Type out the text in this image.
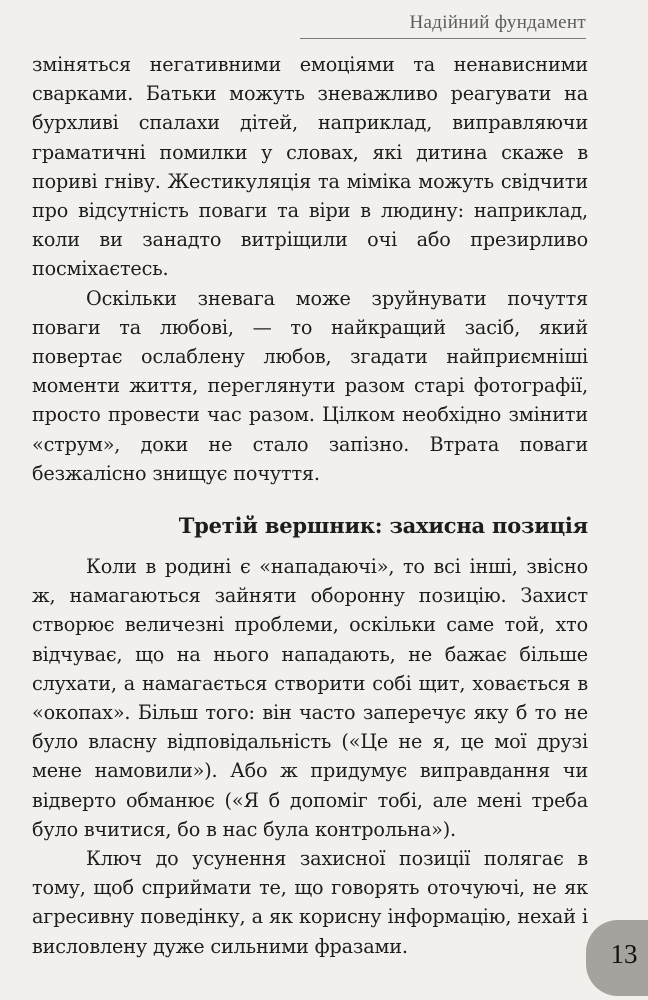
Надійний фундамент

зміняться негативними емоціями та ненависними сварками. Батьки можуть зневажливо реагувати на бурхливі спалахи дітей, наприклад, виправляючи граматичні помилки у словах, які дитина скаже в пориві гніву. Жестикуляція та міміка можуть свідчити про відсутність поваги та віри в людину: наприклад, коли ви занадто витріщили очі або презирливо посміхаєтесь.

Оскільки зневага може зруйнувати почуття поваги та любові, — то найкращий засіб, який повертає ослаблену любов, згадати найприємніші моменти життя, переглянути разом старі фотографії, просто провести час разом. Цілком необхідно змінити «струм», доки не стало запізно. Втрата поваги безжалісно знищує почуття.

Третій вершник: захисна позиція

Коли в родині є «нападаючі», то всі інші, звісно ж, намагаються зайняти оборонну позицію. Захист створює величезні проблеми, оскільки саме той, хто відчуває, що на нього нападають, не бажає більше слухати, а намагається створити собі щит, ховається в «окопах». Більш того: він часто заперечує яку б то не було власну відповідальність («Це не я, це мої друзі мене намовили»). Або ж придумує виправдання чи відверто обманює («Я б допоміг тобі, але мені треба було вчитися, бо в нас була контрольна»).

Ключ до усунення захисної позиції полягає в тому, щоб сприймати те, що говорять оточуючі, не як агресивну поведінку, а як корисну інформацію, нехай і висловлену дуже сильними фразами.	13
